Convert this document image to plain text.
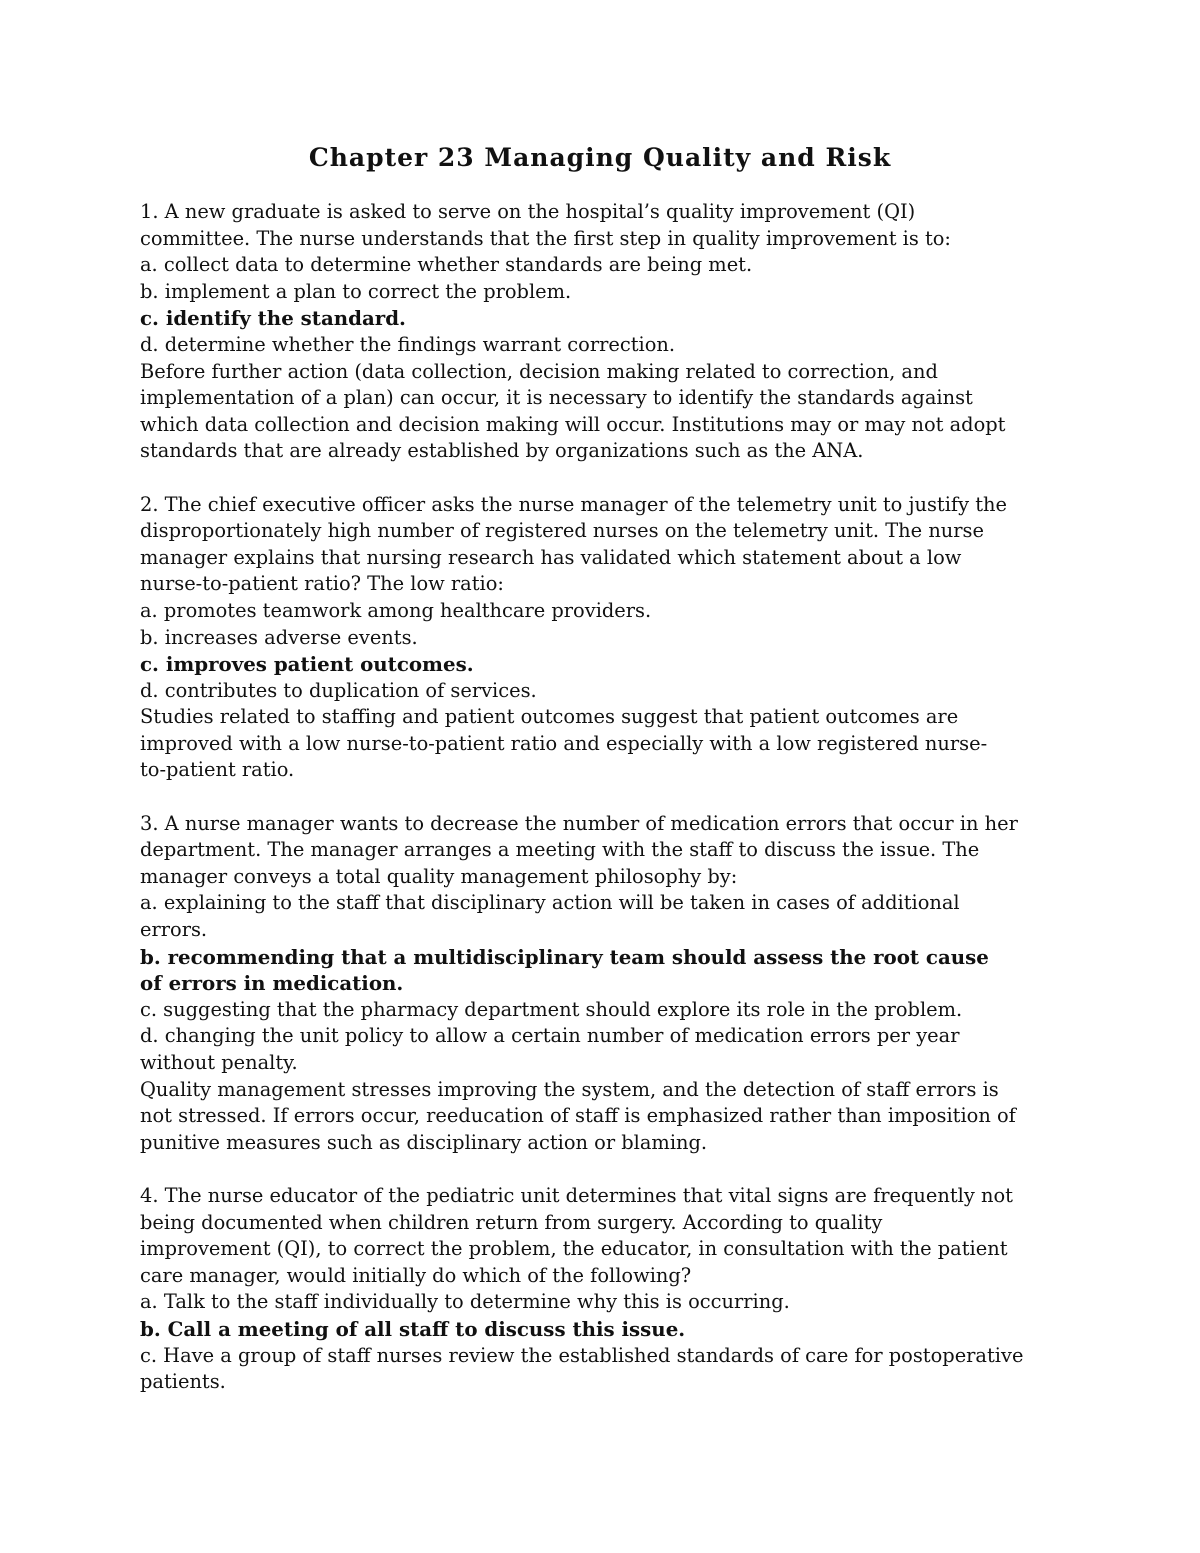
Chapter 23 Managing Quality and Risk
1. A new graduate is asked to serve on the hospital’s quality improvement (QI)
committee. The nurse understands that the first step in quality improvement is to:
a. collect data to determine whether standards are being met.
b. implement a plan to correct the problem.
c. identify the standard.
d. determine whether the findings warrant correction.
Before further action (data collection, decision making related to correction, and
implementation of a plan) can occur, it is necessary to identify the standards against
which data collection and decision making will occur. Institutions may or may not adopt
standards that are already established by organizations such as the ANA.
2. The chief executive officer asks the nurse manager of the telemetry unit to justify the
disproportionately high number of registered nurses on the telemetry unit. The nurse
manager explains that nursing research has validated which statement about a low
nurse-to-patient ratio? The low ratio:
a. promotes teamwork among healthcare providers.
b. increases adverse events.
c. improves patient outcomes.
d. contributes to duplication of services.
Studies related to staffing and patient outcomes suggest that patient outcomes are
improved with a low nurse-to-patient ratio and especially with a low registered nurse-
to-patient ratio.
3. A nurse manager wants to decrease the number of medication errors that occur in her
department. The manager arranges a meeting with the staff to discuss the issue. The
manager conveys a total quality management philosophy by:
a. explaining to the staff that disciplinary action will be taken in cases of additional
errors.
b. recommending that a multidisciplinary team should assess the root cause
of errors in medication.
c. suggesting that the pharmacy department should explore its role in the problem.
d. changing the unit policy to allow a certain number of medication errors per year
without penalty.
Quality management stresses improving the system, and the detection of staff errors is
not stressed. If errors occur, reeducation of staff is emphasized rather than imposition of
punitive measures such as disciplinary action or blaming.
4. The nurse educator of the pediatric unit determines that vital signs are frequently not
being documented when children return from surgery. According to quality
improvement (QI), to correct the problem, the educator, in consultation with the patient
care manager, would initially do which of the following?
a. Talk to the staff individually to determine why this is occurring.
b. Call a meeting of all staff to discuss this issue.
c. Have a group of staff nurses review the established standards of care for postoperative
patients.
